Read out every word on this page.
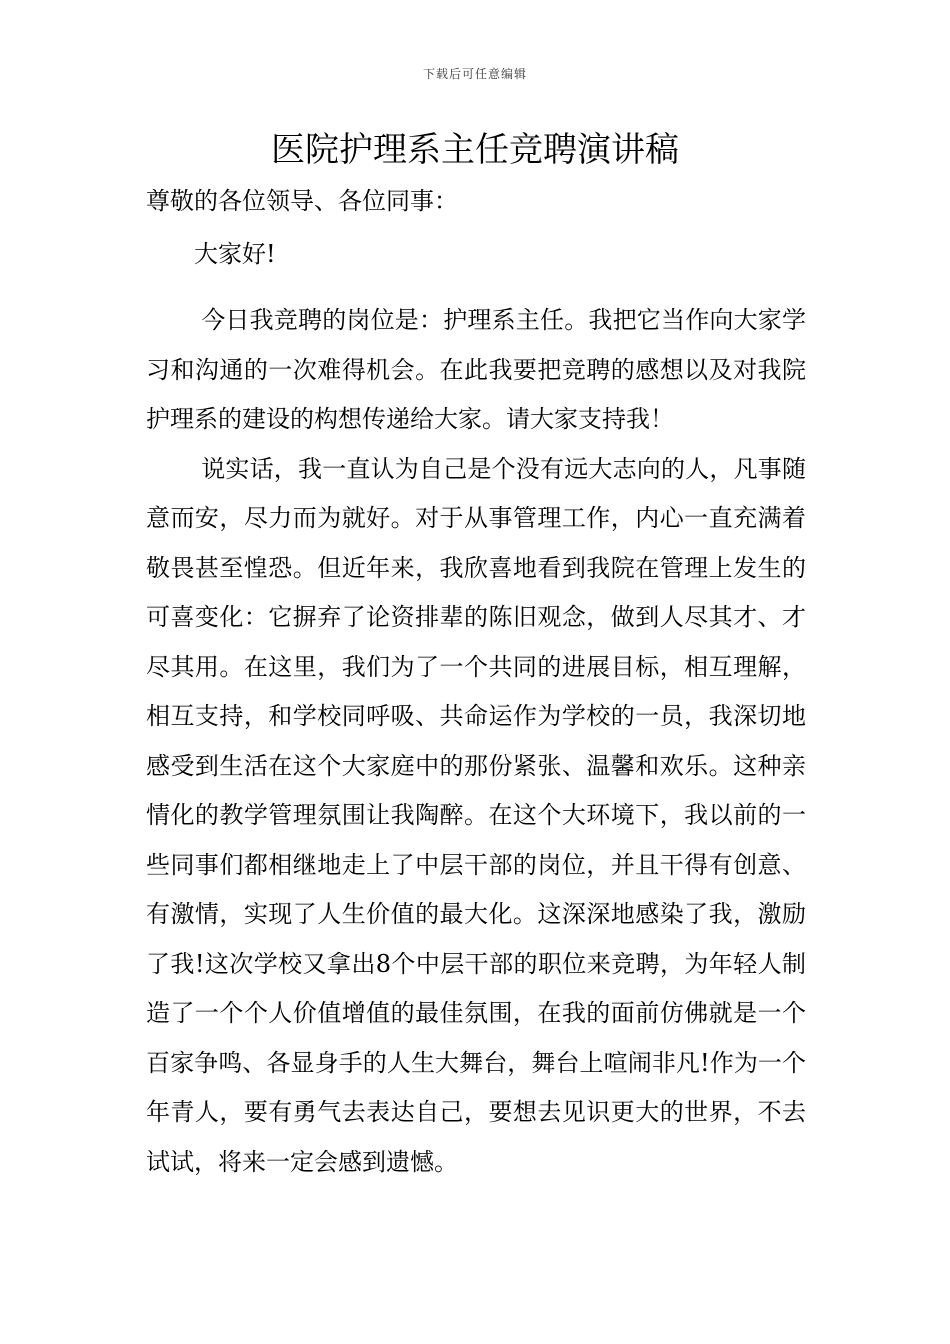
下载后可任意编辑
医院护理系主任竞聘演讲稿

尊敬的各位领导、各位同事：

大家好!

今日我竞聘的岗位是：护理系主任。我把它当作向大家学习和沟通的一次难得机会。在此我要把竞聘的感想以及对我院护理系的建设的构想传递给大家。请大家支持我！

说实话，我一直认为自己是个没有远大志向的人，凡事随意而安，尽力而为就好。对于从事管理工作，内心一直充满着敬畏甚至惶恐。但近年来，我欣喜地看到我院在管理上发生的可喜变化：它摒弃了论资排辈的陈旧观念，做到人尽其才、才尽其用。在这里，我们为了一个共同的进展目标，相互理解，相互支持，和学校同呼吸、共命运作为学校的一员，我深切地感受到生活在这个大家庭中的那份紧张、温馨和欢乐。这种亲情化的教学管理氛围让我陶醉。在这个大环境下，我以前的一些同事们都相继地走上了中层干部的岗位，并且干得有创意、有激情，实现了人生价值的最大化。这深深地感染了我，激励了我!这次学校又拿出8个中层干部的职位来竞聘，为年轻人制造了一个个人价值增值的最佳氛围，在我的面前仿佛就是一个百家争鸣、各显身手的人生大舞台，舞台上喧闹非凡!作为一个年青人，要有勇气去表达自己，要想去见识更大的世界，不去试试，将来一定会感到遗憾。
